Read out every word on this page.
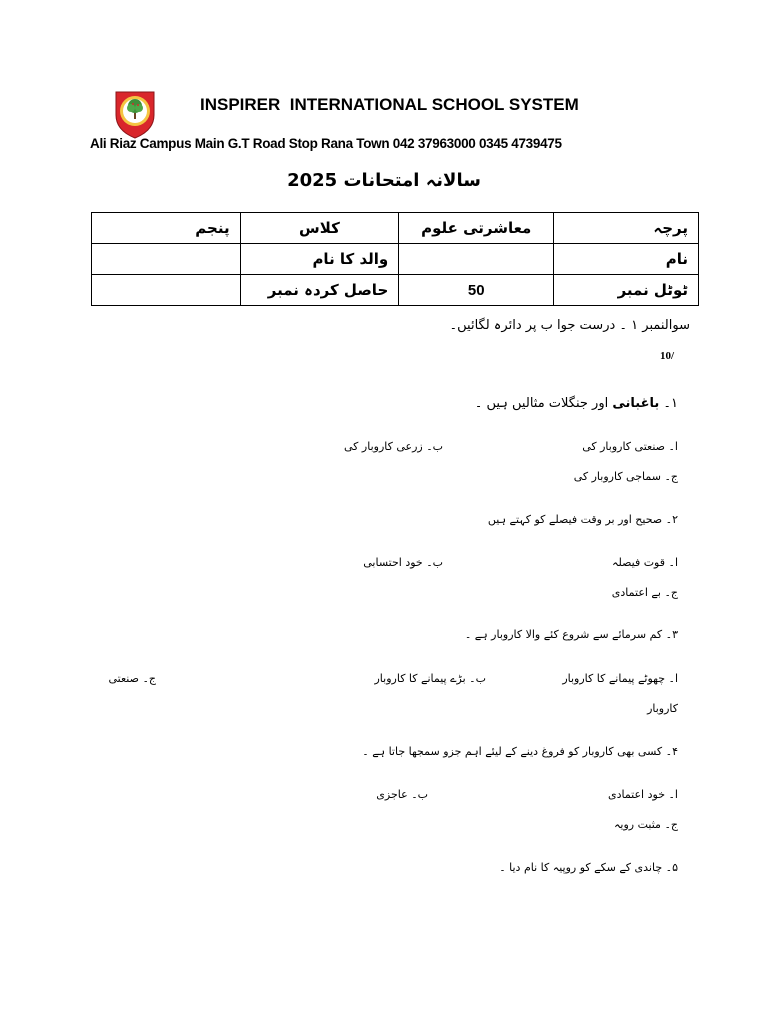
INSPIRER  INTERNATIONAL SCHOOL SYSTEM
Ali Riaz Campus Main G.T Road Stop Rana Town 042 37963000 0345 4739475
سالانہ امتحانات 2025
پرچہ	معاشرتی علوم	کلاس	پنجم
نام		والد کا نام	
ٹوٹل نمبر	50	حاصل کردہ نمبر	
سوالنمبر ۱ ۔ درست جوا ب پر دائرہ لگائیں۔
10/
۱۔ باغبانی اور جنگلات مثالیں ہیں ۔
ا۔ صنعتی کاروبار کی
ب۔ زرعی کاروبار کی
ج۔ سماجی کاروبار کی
۲۔ صحیح اور بر وقت فیصلے کو کہتے ہیں
ا۔ قوت فیصلہ
ب۔ خود احتسابی
ج۔ بے اعتمادی
۳۔ کم سرمائے سے شروع کئے والا کاروبار ہے ۔
ا۔ چھوٹے پیمانے کا کاروبار
ب۔ بڑے پیمانے کا کاروبار
ج۔ صنعتی
کاروبار
۴۔ کسی بھی کاروبار کو فروغ دینے کے لیئے اہم جزو سمجھا جاتا ہے ۔
ا۔ خود اعتمادی
ب۔ عاجزی
ج۔ مثبت رویہ
۵۔ چاندی کے سکے کو روپیہ کا نام دیا ۔
